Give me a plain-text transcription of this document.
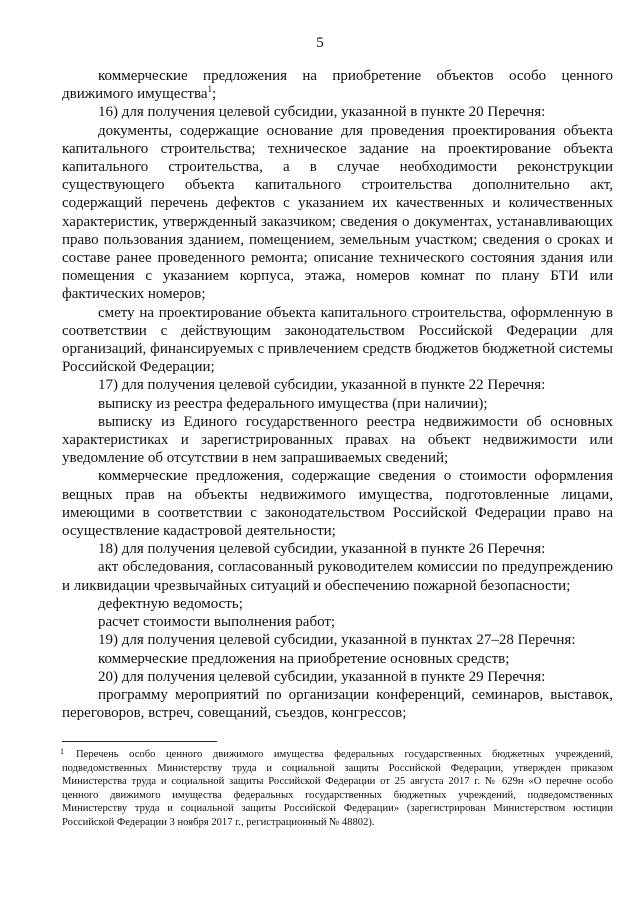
5

коммерческие предложения на приобретение объектов особо ценного движимого имущества$^1$;

16) для получения целевой субсидии, указанной в пункте 20 Перечня:

документы, содержащие основание для проведения проектирования объекта капитального строительства; техническое задание на проектирование объекта капитального строительства, а в случае необходимости реконструкции существующего объекта капитального строительства дополнительно акт, содержащий перечень дефектов с указанием их качественных и количественных характеристик, утвержденный заказчиком; сведения о документах, устанавливающих право пользования зданием, помещением, земельным участком; сведения о сроках и составе ранее проведенного ремонта; описание технического состояния здания или помещения с указанием корпуса, этажа, номеров комнат по плану БТИ или фактических номеров;

смету на проектирование объекта капитального строительства, оформленную в соответствии с действующим законодательством Российской Федерации для организаций, финансируемых с привлечением средств бюджетов бюджетной системы Российской Федерации;

17) для получения целевой субсидии, указанной в пункте 22 Перечня:

выписку из реестра федерального имущества (при наличии);

выписку из Единого государственного реестра недвижимости об основных характеристиках и зарегистрированных правах на объект недвижимости или уведомление об отсутствии в нем запрашиваемых сведений;

коммерческие предложения, содержащие сведения о стоимости оформления вещных прав на объекты недвижимого имущества, подготовленные лицами, имеющими в соответствии с законодательством Российской Федерации право на осуществление кадастровой деятельности;

18) для получения целевой субсидии, указанной в пункте 26 Перечня:

акт обследования, согласованный руководителем комиссии по предупреждению и ликвидации чрезвычайных ситуаций и обеспечению пожарной безопасности;

дефектную ведомость;

расчет стоимости выполнения работ;

19) для получения целевой субсидии, указанной в пунктах 27–28 Перечня:

коммерческие предложения на приобретение основных средств;

20) для получения целевой субсидии, указанной в пункте 29 Перечня:

программу мероприятий по организации конференций, семинаров, выставок, переговоров, встреч, совещаний, съездов, конгрессов;

1 Перечень особо ценного движимого имущества федеральных государственных бюджетных учреждений, подведомственных Министерству труда и социальной защиты Российской Федерации, утвержден приказом Министерства труда и социальной защиты Российской Федерации от 25 августа 2017 г. № 629н «О перечне особо ценного движимого имущества федеральных государственных бюджетных учреждений, подведомственных Министерству труда и социальной защиты Российской Федерации» (зарегистрирован Министерством юстиции Российской Федерации 3 ноября 2017 г., регистрационный № 48802).
